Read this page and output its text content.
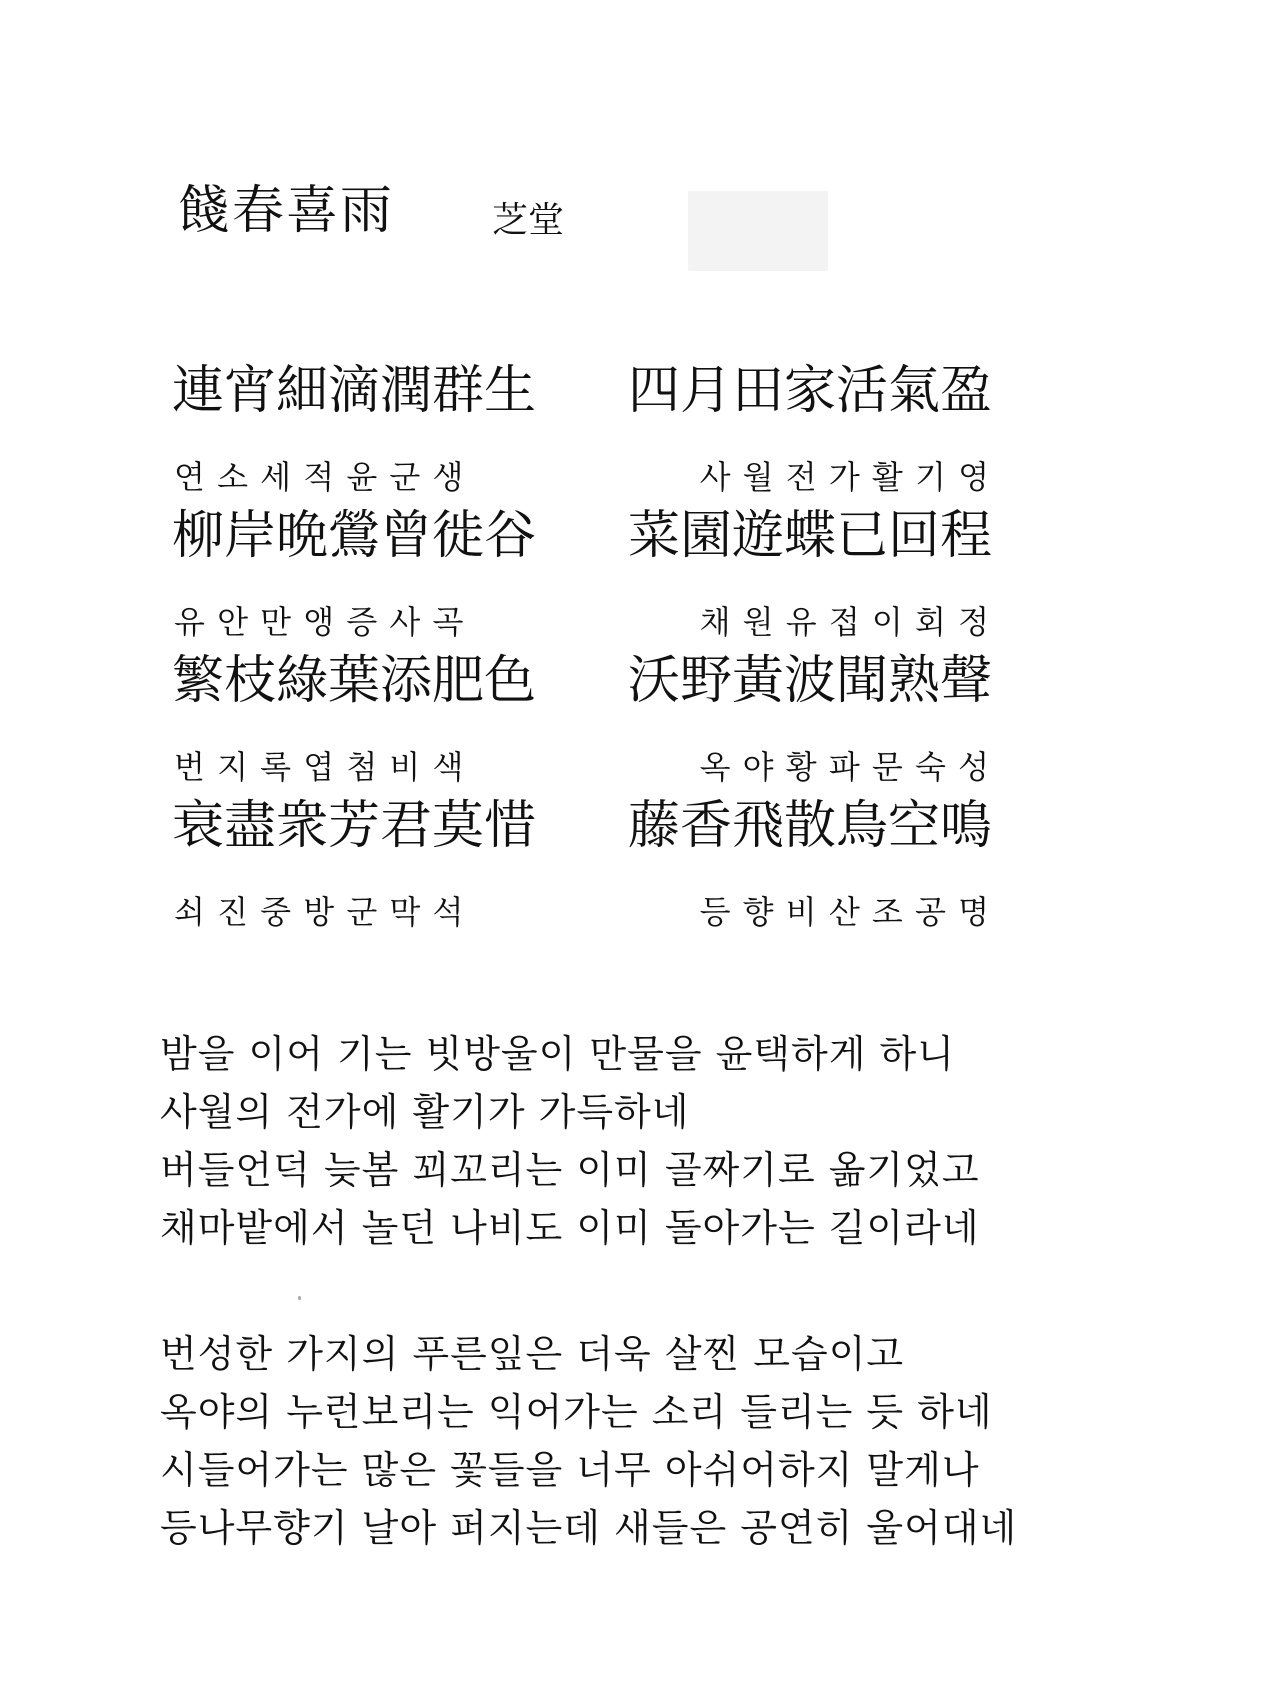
餞春喜雨	芝堂
連宵細滴潤群生 四月田家活氣盈
연 소 세 적 윤 군 생	사 월 전 가 활 기 영
柳岸晩鶯曾徙谷 菜園遊蝶已回程
유 안 만 앵 증 사 곡	채 원 유 접 이 회 정
繁枝綠葉添肥色 沃野黃波聞熟聲
번 지 록 엽 첨 비 색	옥 야 황 파 문 숙 성
衰盡衆芳君莫惜 藤香飛散鳥空鳴
쇠 진 중 방 군 막 석	등 향 비 산 조 공 명
밤을 이어 기는 빗방울이 만물을 윤택하게 하니
사월의 전가에 활기가 가득하네
버들언덕 늦봄 꾀꼬리는 이미 골짜기로 옮기었고
채마밭에서 놀던 나비도 이미 돌아가는 길이라네
번성한 가지의 푸른잎은 더욱 살찐 모습이고
옥야의 누런보리는 익어가는 소리 들리는 듯 하네
시들어가는 많은 꽃들을 너무 아쉬어하지 말게나
등나무향기 날아 퍼지는데 새들은 공연히 울어대네
